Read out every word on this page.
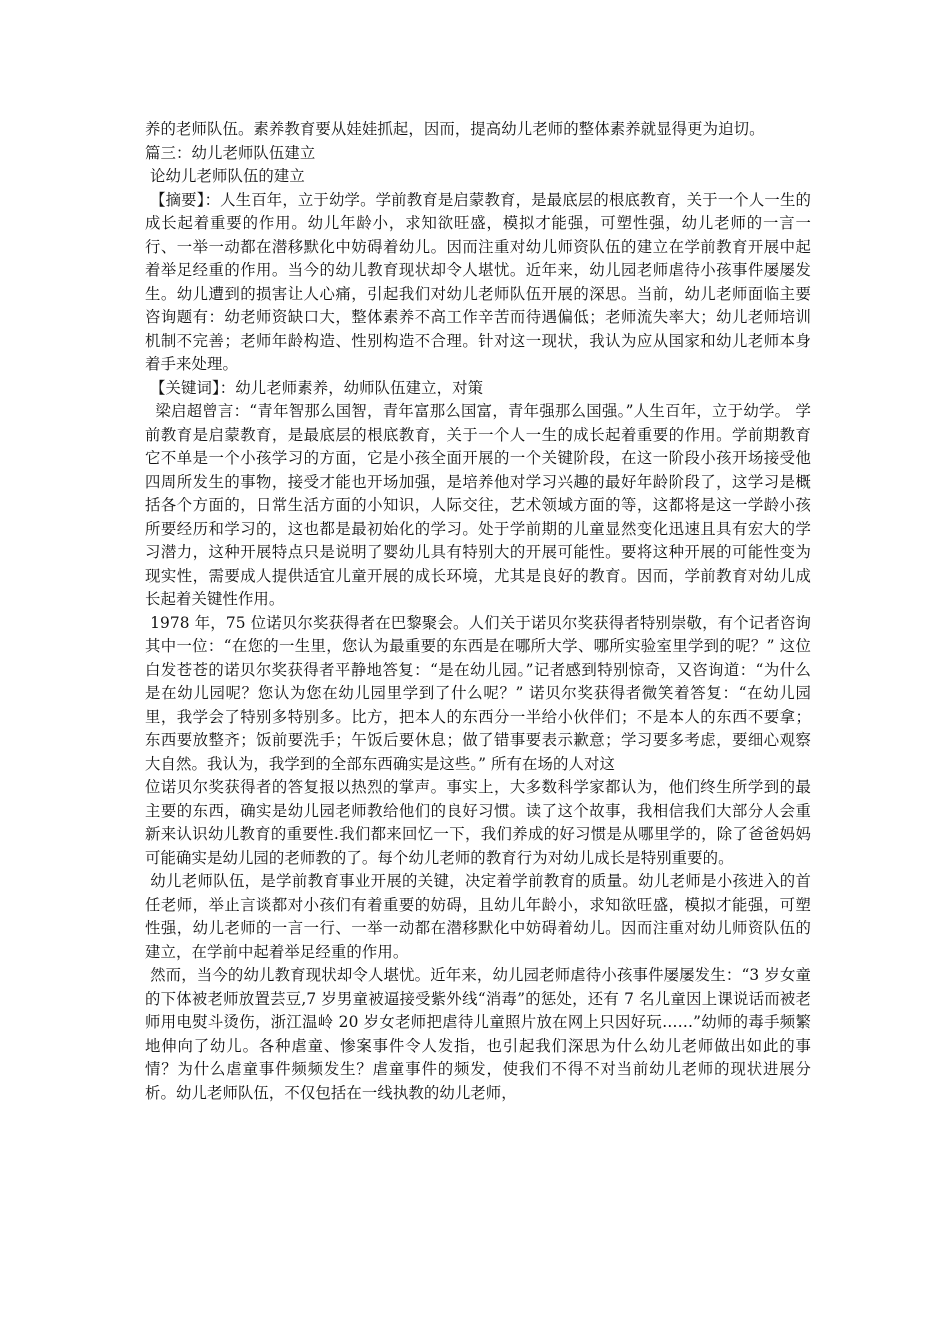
养的老师队伍。素养教育要从娃娃抓起，因而，提高幼儿老师的整体素养就显得更为迫切。

篇三：幼儿老师队伍建立

论幼儿老师队伍的建立

【摘要】：人生百年，立于幼学。学前教育是启蒙教育，是最底层的根底教育，关于一个人一生的成长起着重要的作用。幼儿年龄小，求知欲旺盛，模拟才能强，可塑性强，幼儿老师的一言一行、一举一动都在潜移默化中妨碍着幼儿。因而注重对幼儿师资队伍的建立在学前教育开展中起着举足经重的作用。当今的幼儿教育现状却令人堪忧。近年来，幼儿园老师虐待小孩事件屡屡发生。幼儿遭到的损害让人心痛，引起我们对幼儿老师队伍开展的深思。当前，幼儿老师面临主要咨询题有：幼老师资缺口大，整体素养不高工作辛苦而待遇偏低；老师流失率大；幼儿老师培训机制不完善；老师年龄构造、性别构造不合理。针对这一现状，我认为应从国家和幼儿老师本身着手来处理。

【关键词】：幼儿老师素养，幼师队伍建立，对策

梁启超曾言：“青年智那么国智，青年富那么国富，青年强那么国强。”人生百年，立于幼学。 学前教育是启蒙教育，是最底层的根底教育，关于一个人一生的成长起着重要的作用。学前期教育它不单是一个小孩学习的方面，它是小孩全面开展的一个关键阶段，在这一阶段小孩开场接受他四周所发生的事物，接受才能也开场加强，是培养他对学习兴趣的最好年龄阶段了，这学习是概括各个方面的，日常生活方面的小知识，人际交往，艺术领域方面的等，这都将是这一学龄小孩所要经历和学习的，这也都是最初始化的学习。处于学前期的儿童显然变化迅速且具有宏大的学习潜力，这种开展特点只是说明了婴幼儿具有特别大的开展可能性。要将这种开展的可能性变为现实性，需要成人提供适宜儿童开展的成长环境，尤其是良好的教育。因而，学前教育对幼儿成长起着关键性作用。

1978 年，75 位诺贝尔奖获得者在巴黎聚会。人们关于诺贝尔奖获得者特别崇敬，有个记者咨询其中一位：“在您的一生里，您认为最重要的东西是在哪所大学、哪所实验室里学到的呢？” 这位白发苍苍的诺贝尔奖获得者平静地答复：“是在幼儿园。”记者感到特别惊奇，又咨询道：“为什么是在幼儿园呢？您认为您在幼儿园里学到了什么呢？” 诺贝尔奖获得者微笑着答复：“在幼儿园里，我学会了特别多特别多。比方，把本人的东西分一半给小伙伴们；不是本人的东西不要拿；东西要放整齐；饭前要洗手；午饭后要休息；做了错事要表示歉意；学习要多考虑，要细心观察大自然。我认为，我学到的全部东西确实是这些。” 所有在场的人对这

位诺贝尔奖获得者的答复报以热烈的掌声。事实上，大多数科学家都认为，他们终生所学到的最主要的东西，确实是幼儿园老师教给他们的良好习惯。读了这个故事，我相信我们大部分人会重新来认识幼儿教育的重要性.我们都来回忆一下，我们养成的好习惯是从哪里学的，除了爸爸妈妈可能确实是幼儿园的老师教的了。每个幼儿老师的教育行为对幼儿成长是特别重要的。

幼儿老师队伍，是学前教育事业开展的关键，决定着学前教育的质量。幼儿老师是小孩进入的首任老师，举止言谈都对小孩们有着重要的妨碍，且幼儿年龄小，求知欲旺盛，模拟才能强，可塑性强，幼儿老师的一言一行、一举一动都在潜移默化中妨碍着幼儿。因而注重对幼儿师资队伍的建立，在学前中起着举足经重的作用。

然而，当今的幼儿教育现状却令人堪忧。近年来，幼儿园老师虐待小孩事件屡屡发生：“3 岁女童的下体被老师放置芸豆,7 岁男童被逼接受紫外线“消毒”的惩处，还有 7 名儿童因上课说话而被老师用电熨斗烫伤，浙江温岭 20 岁女老师把虐待儿童照片放在网上只因好玩……”幼师的毒手频繁地伸向了幼儿。各种虐童、惨案事件令人发指，也引起我们深思为什么幼儿老师做出如此的事情？为什么虐童事件频频发生？虐童事件的频发，使我们不得不对当前幼儿老师的现状进展分析。幼儿老师队伍，不仅包括在一线执教的幼儿老师，
